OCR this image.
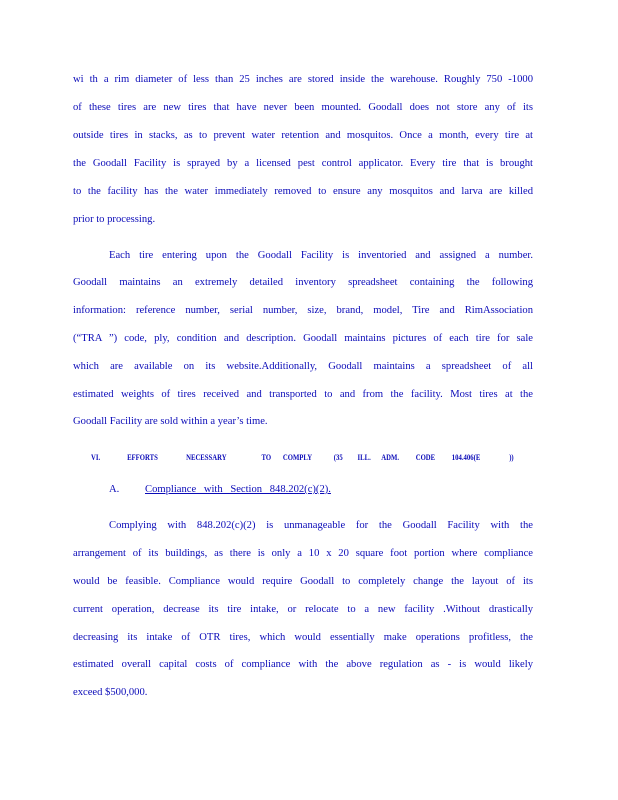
wi th a rim diameter of less than 25 inches are stored inside the warehouse. Roughly 750 -1000
of these tires are new tires that have never been mounted. Goodall does not store any of its
outside tires in stacks, as to prevent water retention and mosquitos. Once a month, every tire at
the Goodall Facility is sprayed by a licensed pest control applicator. Every tire that is brought
to the facility has the water immediately removed to ensure any mosquitos and larva are killed
prior to processing.
Each tire entering upon the Goodall Facility is inventoried and assigned a number.
Goodall maintains an extremely detailed inventory spreadsheet containing the following
information: reference number, serial number, size, brand, model, Tire and RimAssociation
(“TRA ”) code, ply, condition and description. Goodall maintains pictures of each tire for sale
which are available on its website.Additionally, Goodall maintains a spreadsheet of all
estimated weights of tires received and transported to and from the facility. Most tires at the
Goodall Facility are sold within a year’s time.
VI.	EFFORTS	NECESSARY	TO COMPLY	(35 ILL. ADM. CODE 104.406(E	))
A. Compliance with Section 848.202(c)(2).
Complying with 848.202(c)(2) is unmanageable for the Goodall Facility with the
arrangement of its buildings, as there is only a 10 x 20 square foot portion where compliance
would be feasible. Compliance would require Goodall to completely change the layout of its
current operation, decrease its tire intake, or relocate to a new facility .Without drastically
decreasing its intake of OTR tires, which would essentially make operations profitless, the
estimated overall capital costs of compliance with the above regulation as - is would likely
exceed $500,000.
